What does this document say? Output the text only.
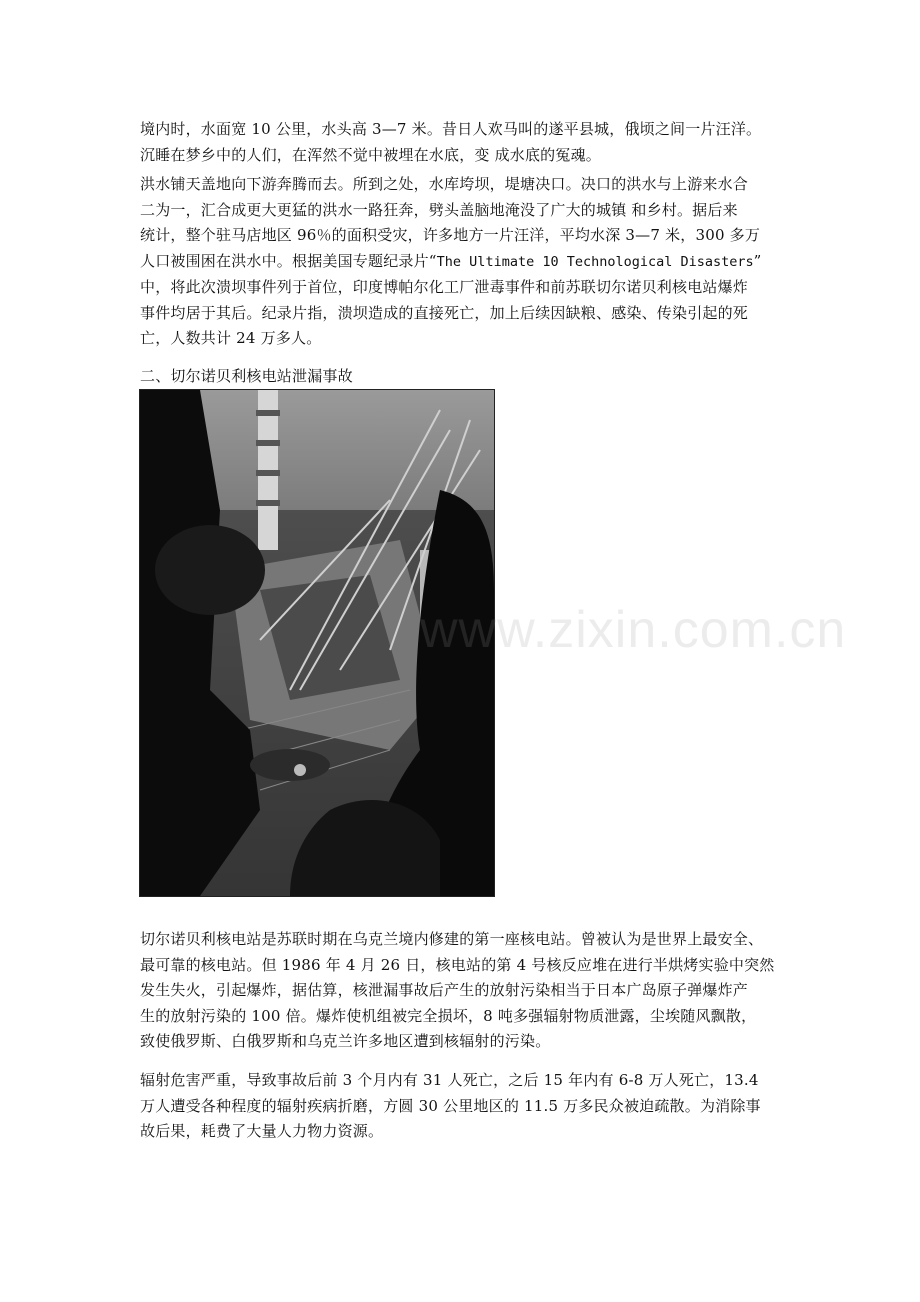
境内时，水面宽 10 公里，水头高 3—7 米。昔日人欢马叫的遂平县城，俄顷之间一片汪洋。
沉睡在梦乡中的人们，在浑然不觉中被埋在水底，变 成水底的冤魂。
洪水铺天盖地向下游奔腾而去。所到之处，水库垮坝，堤塘决口。决口的洪水与上游来水合
二为一，汇合成更大更猛的洪水一路狂奔，劈头盖脑地淹没了广大的城镇 和乡村。据后来
统计，整个驻马店地区 96％的面积受灾，许多地方一片汪洋，平均水深 3—7 米，300 多万
人口被围困在洪水中。根据美国专题纪录片“The Ultimate 10 Technological Disasters”
中，将此次溃坝事件列于首位，印度博帕尔化工厂泄毒事件和前苏联切尔诺贝利核电站爆炸
事件均居于其后。纪录片指，溃坝造成的直接死亡，加上后续因缺粮、感染、传染引起的死
亡，人数共计 24 万多人。
二、切尔诺贝利核电站泄漏事故
www.zixin.com.cn
切尔诺贝利核电站是苏联时期在乌克兰境内修建的第一座核电站。曾被认为是世界上最安全、
最可靠的核电站。但 1986 年 4 月 26 日，核电站的第 4 号核反应堆在进行半烘烤实验中突然
发生失火，引起爆炸，据估算，核泄漏事故后产生的放射污染相当于日本广岛原子弹爆炸产
生的放射污染的 100 倍。爆炸使机组被完全损坏，8 吨多强辐射物质泄露，尘埃随风飘散，
致使俄罗斯、白俄罗斯和乌克兰许多地区遭到核辐射的污染。
辐射危害严重，导致事故后前 3 个月内有 31 人死亡，之后 15 年内有 6-8 万人死亡，13.4
万人遭受各种程度的辐射疾病折磨，方圆 30 公里地区的 11.5 万多民众被迫疏散。为消除事
故后果，耗费了大量人力物力资源。
